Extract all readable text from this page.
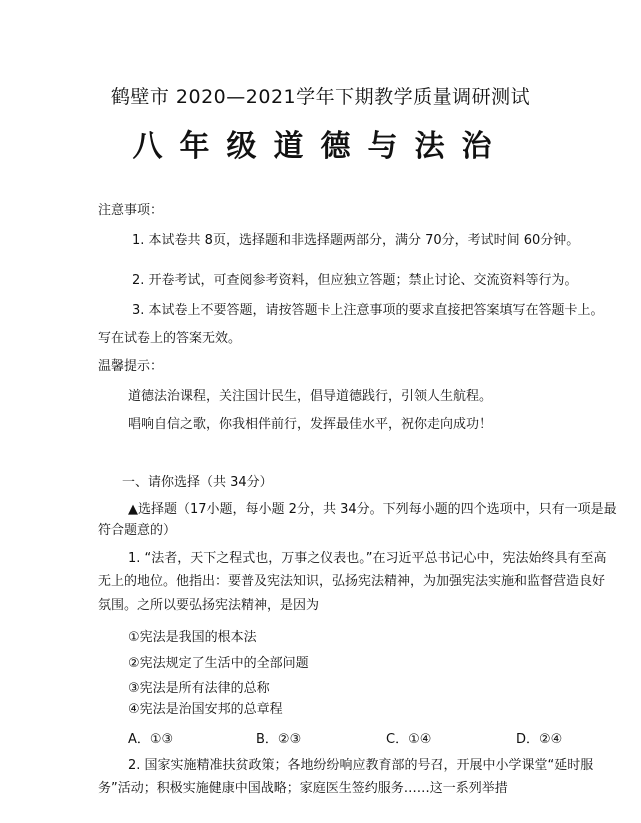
鹤壁市 2020—2021学年下期教学质量调研测试
八年级道德与法治
注意事项：
1. 本试卷共 8页，选择题和非选择题两部分，满分 70分，考试时间 60分钟。
2. 开卷考试，可查阅参考资料，但应独立答题；禁止讨论、交流资料等行为。
3. 本试卷上不要答题，请按答题卡上注意事项的要求直接把答案填写在答题卡上。
写在试卷上的答案无效。
温馨提示：
道德法治课程，关注国计民生，倡导道德践行，引领人生航程。
唱响自信之歌，你我相伴前行，发挥最佳水平，祝你走向成功！
一、请你选择（共 34分）
▲选择题（17小题，每小题 2分，共 34分。下列每小题的四个选项中，只有一项是最
符合题意的）
1. “法者，天下之程式也，万事之仪表也。”在习近平总书记心中，宪法始终具有至高
无上的地位。他指出：要普及宪法知识，弘扬宪法精神，为加强宪法实施和监督营造良好
氛围。之所以要弘扬宪法精神，是因为
①宪法是我国的根本法
②宪法规定了生活中的全部问题
③宪法是所有法律的总称
④宪法是治国安邦的总章程
A．①③	B．②③	C．①④	D．②④
2. 国家实施精准扶贫政策；各地纷纷响应教育部的号召，开展中小学课堂“延时服
务”活动；积极实施健康中国战略；家庭医生签约服务……这一系列举措
